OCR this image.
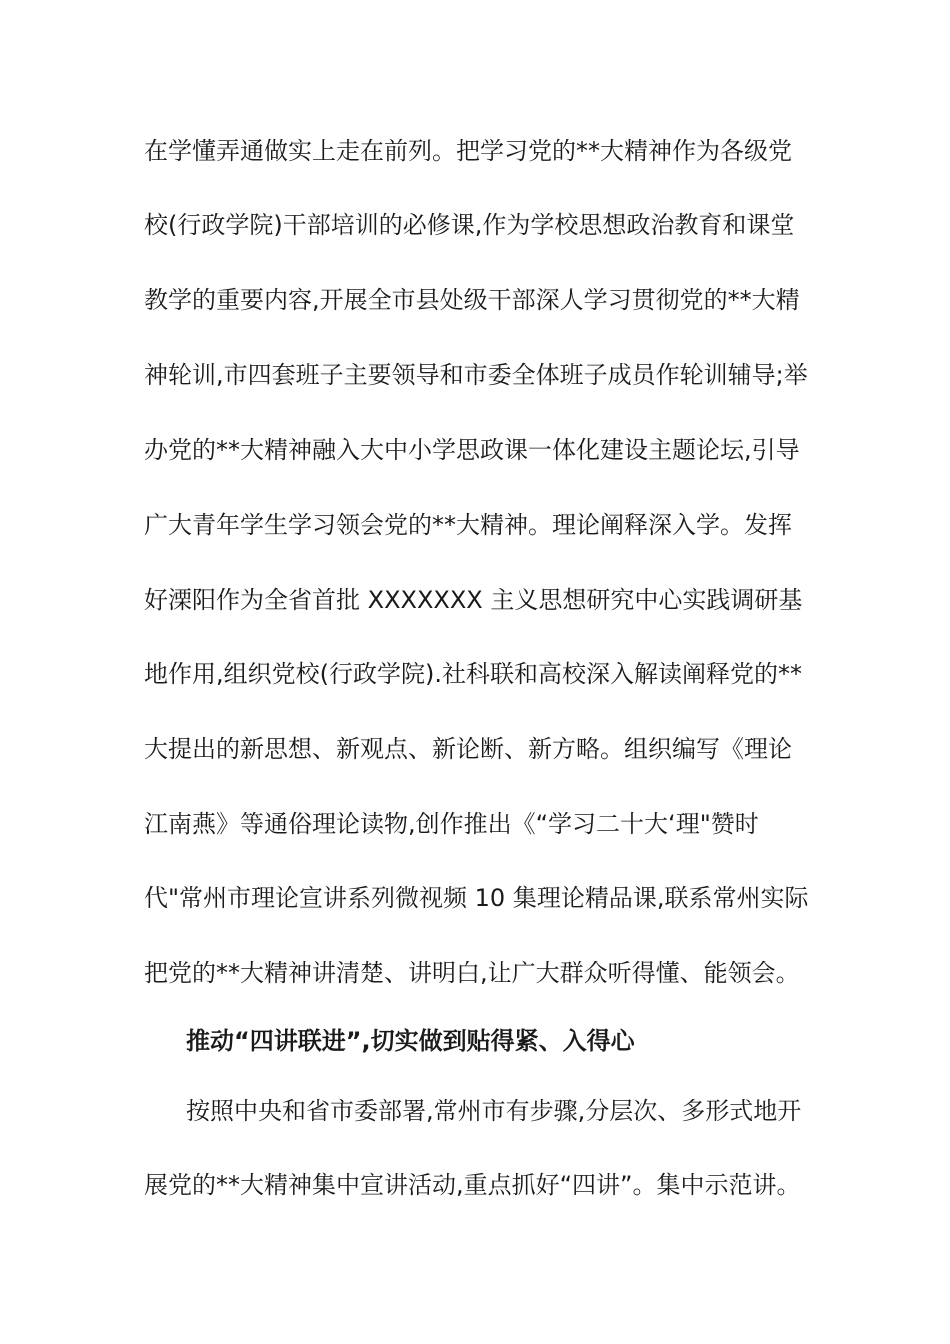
在学懂弄通做实上走在前列。把学习党的**大精神作为各级党
校(行政学院)干部培训的必修课,作为学校思想政治教育和课堂
教学的重要内容,开展全市县处级干部深人学习贯彻党的**大精
神轮训,市四套班子主要领导和市委全体班子成员作轮训辅导;举
办党的**大精神融入大中小学思政课一体化建设主题论坛,引导
广大青年学生学习领会党的**大精神。理论阐释深入学。发挥
好溧阳作为全省首批 XXXXXXX 主义思想研究中心实践调研基
地作用,组织党校(行政学院).社科联和高校深入解读阐释党的**
大提出的新思想、新观点、新论断、新方略。组织编写《理论
江南燕》等通俗理论读物,创作推出《“学习二十大‘理"赞时
代"常州市理论宣讲系列微视频 10 集理论精品课,联系常州实际
把党的**大精神讲清楚、讲明白,让广大群众听得懂、能领会。
推动“四讲联进”,切实做到贴得紧、入得心
按照中央和省市委部署,常州市有步骤,分层次、多形式地开
展党的**大精神集中宣讲活动,重点抓好“四讲”。集中示范讲。
